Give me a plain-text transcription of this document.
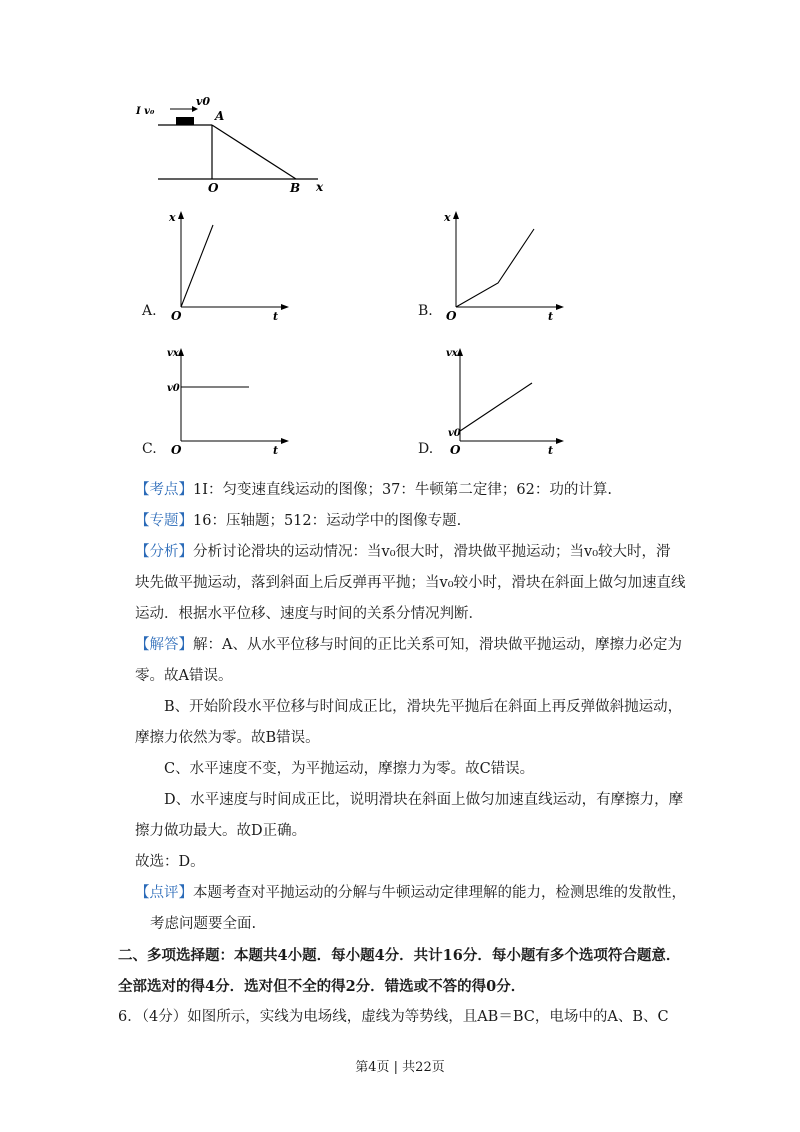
Ⅰ v₀
v0
A
O	B x
A.
x
O	t	B.
x
O	t
C.
vx
v0
O	t	D.
vx
v0
O	t
【考点】1I：匀变速直线运动的图像；37：牛顿第二定律；62：功的计算.
【专题】16：压轴题；512：运动学中的图像专题.
【分析】分析讨论滑块的运动情况：当v₀很大时，滑块做平抛运动；当v₀较大时，滑
块先做平抛运动，落到斜面上后反弹再平抛；当v₀较小时，滑块在斜面上做匀加速直线
运动．根据水平位移、速度与时间的关系分情况判断．
【解答】解：A、从水平位移与时间的正比关系可知，滑块做平抛运动，摩擦力必定为
零。故A错误。
B、开始阶段水平位移与时间成正比，滑块先平抛后在斜面上再反弹做斜抛运动，
摩擦力依然为零。故B错误。
C、水平速度不变，为平抛运动，摩擦力为零。故C错误。
D、水平速度与时间成正比，说明滑块在斜面上做匀加速直线运动，有摩擦力，摩
擦力做功最大。故D正确。
故选：D。
【点评】本题考查对平抛运动的分解与牛顿运动定律理解的能力，检测思维的发散性，
考虑问题要全面.
二、多项选择题：本题共4小题．每小题4分．共计16分．每小题有多个选项符合题意．
全部选对的得4分．选对但不全的得2分．错选或不答的得0分．
6．（4分）如图所示，实线为电场线，虚线为等势线，且AB＝BC，电场中的A、B、C
第4页 | 共22页
